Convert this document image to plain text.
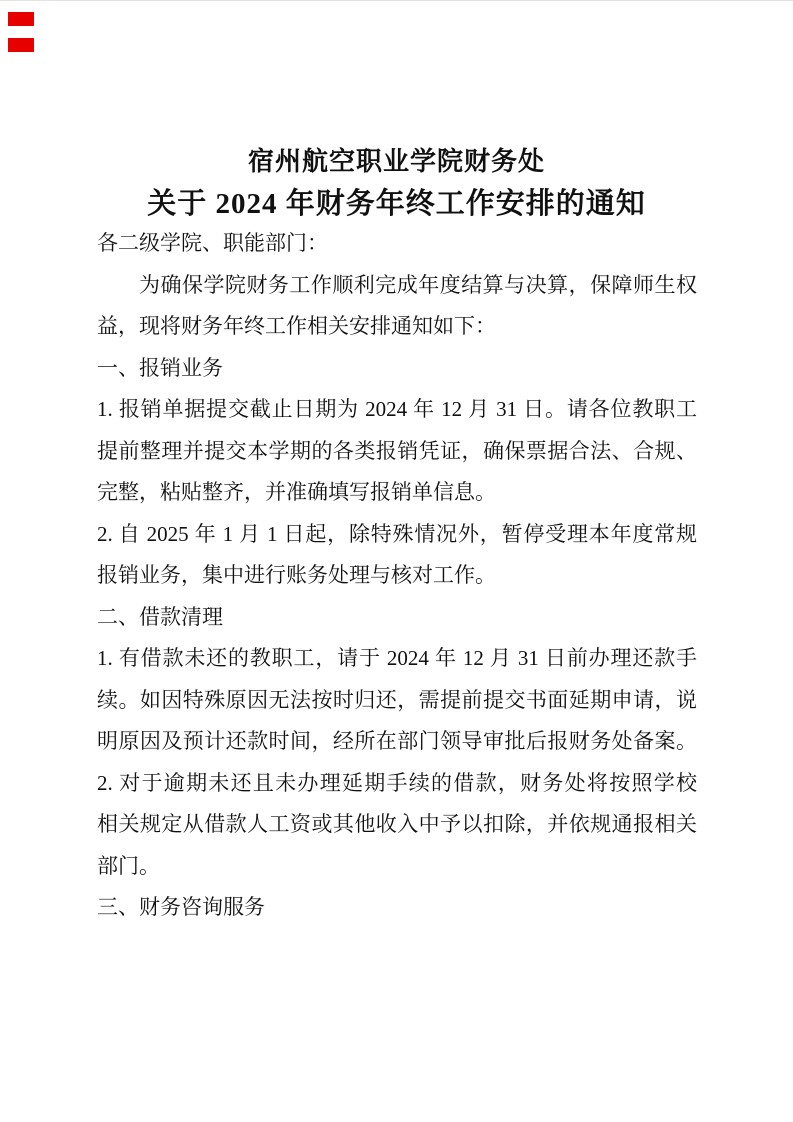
宿州航空职业学院财务处
关于 2024 年财务年终工作安排的通知
各二级学院、职能部门：
为确保学院财务工作顺利完成年度结算与决算，保障师生权
益，现将财务年终工作相关安排通知如下：
一、报销业务
1. 报销单据提交截止日期为 2024 年 12 月 31 日。请各位教职工
提前整理并提交本学期的各类报销凭证，确保票据合法、合规、
完整，粘贴整齐，并准确填写报销单信息。
2. 自 2025 年 1 月 1 日起，除特殊情况外，暂停受理本年度常规
报销业务，集中进行账务处理与核对工作。
二、借款清理
1. 有借款未还的教职工，请于 2024 年 12 月 31 日前办理还款手
续。如因特殊原因无法按时归还，需提前提交书面延期申请，说
明原因及预计还款时间，经所在部门领导审批后报财务处备案。
2. 对于逾期未还且未办理延期手续的借款，财务处将按照学校
相关规定从借款人工资或其他收入中予以扣除，并依规通报相关
部门。
三、财务咨询服务
